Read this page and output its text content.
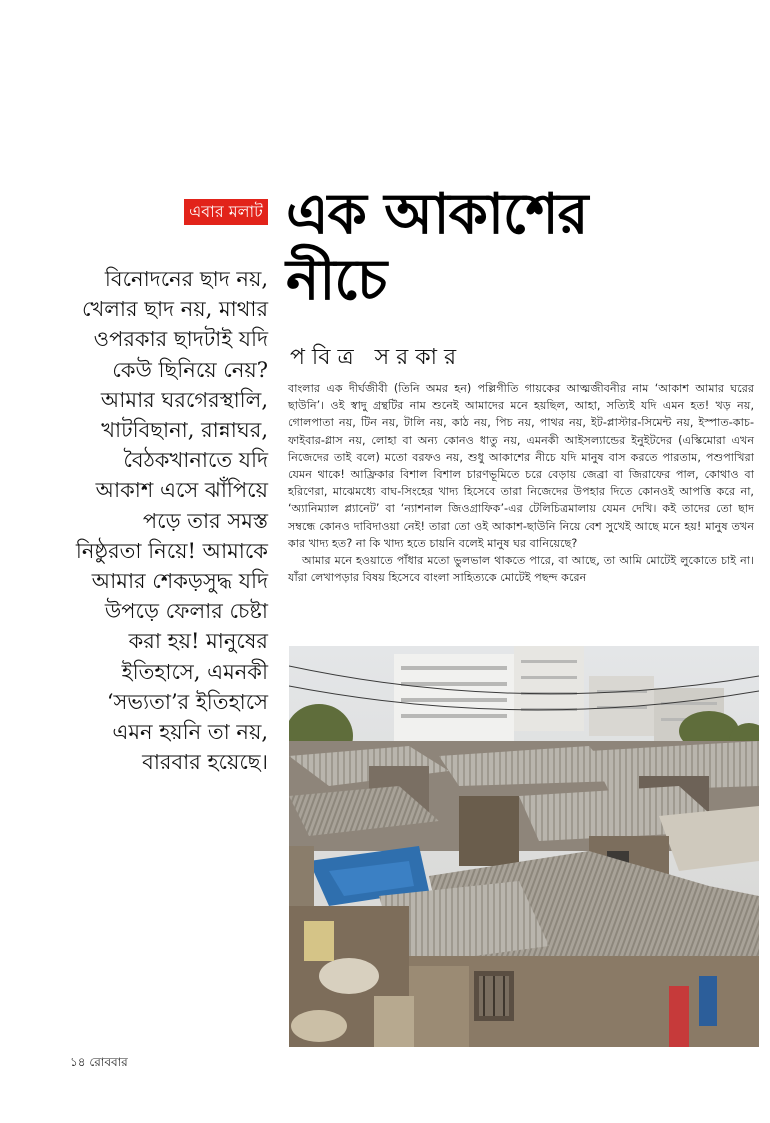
এবার মলাট এক আকাশের
নীচে
পবিত্র সরকার
বিনোদনের ছাদ নয়, খেলার ছাদ নয়, মাথার ওপরকার ছাদটাই যদি কেউ ছিনিয়ে নেয়? আমার ঘরগেরস্থালি, খাটবিছানা, রান্নাঘর, বৈঠকখানাতে যদি আকাশ এসে ঝাঁপিয়ে পড়ে তার সমস্ত নিষ্ঠুরতা নিয়ে! আমাকে আমার শেকড়সুদ্ধ যদি উপড়ে ফেলার চেষ্টা করা হয়! মানুষের ইতিহাসে, এমনকী ‘সভ্যতা’র ইতিহাসে এমন হয়নি তা নয়, বারবার হয়েছে।

বাংলার এক দীর্ঘজীবী (তিনি অমর হন) পল্লিগীতি গায়কের আত্মজীবনীর নাম ‘আকাশ আমার ঘরের ছাউনি’। ওই স্বাদু গ্রন্থটির নাম শুনেই আমাদের মনে হয়ছিল, আহা, সত্যিই যদি এমন হত! খড় নয়, গোলপাতা নয়, টিন নয়, টালি নয়, কাঠ নয়, পিচ নয়, পাথর নয়, ইট-প্লাস্টার-সিমেন্ট নয়, ইস্পাত-কাচ-ফাইবার-গ্লাস নয়, লোহা বা অন্য কোনও ধাতু নয়, এমনকী আইসল্যান্ডের ইনুইটদের (এস্কিমোরা এখন নিজেদের তাই বলে) মতো বরফও নয়, শুধু আকাশের নীচে যদি মানুষ বাস করতে পারতাম, পশুপাখিরা যেমন থাকে! আফ্রিকার বিশাল বিশাল চারণভূমিতে চরে বেড়ায় জেব্রা বা জিরাফের পাল, কোথাও বা হরিণেরা, মাঝেমধ্যে বাঘ-সিংহের খাদ্য হিসেবে তারা নিজেদের উপহার দিতে কোনওই আপত্তি করে না, ‘অ্যানিম্যাল প্ল্যানেট’ বা ‘ন্যাশনাল জিওগ্রাফিক’-এর টেলিচিত্রমালায় যেমন দেখি। কই তাদের তো ছাদ সম্বন্ধে কোনও দাবিদাওয়া নেই! তারা তো ওই আকাশ-ছাউনি নিয়ে বেশ সুখেই আছে মনে হয়! মানুষ তখন কার খাদ্য হত? না কি খাদ্য হতে চায়নি বলেই মানুষ ঘর বানিয়েছে?

আমার মনে হওয়াতে পাঁধার মতো ভুলভাল থাকতে পারে, বা আছে, তা আমি মোটেই লুকোতে চাই না। যাঁরা লেখাপড়ার বিষয় হিসেবে বাংলা সাহিত্যকে মোটেই পছন্দ করেন

১৪ রোববার
